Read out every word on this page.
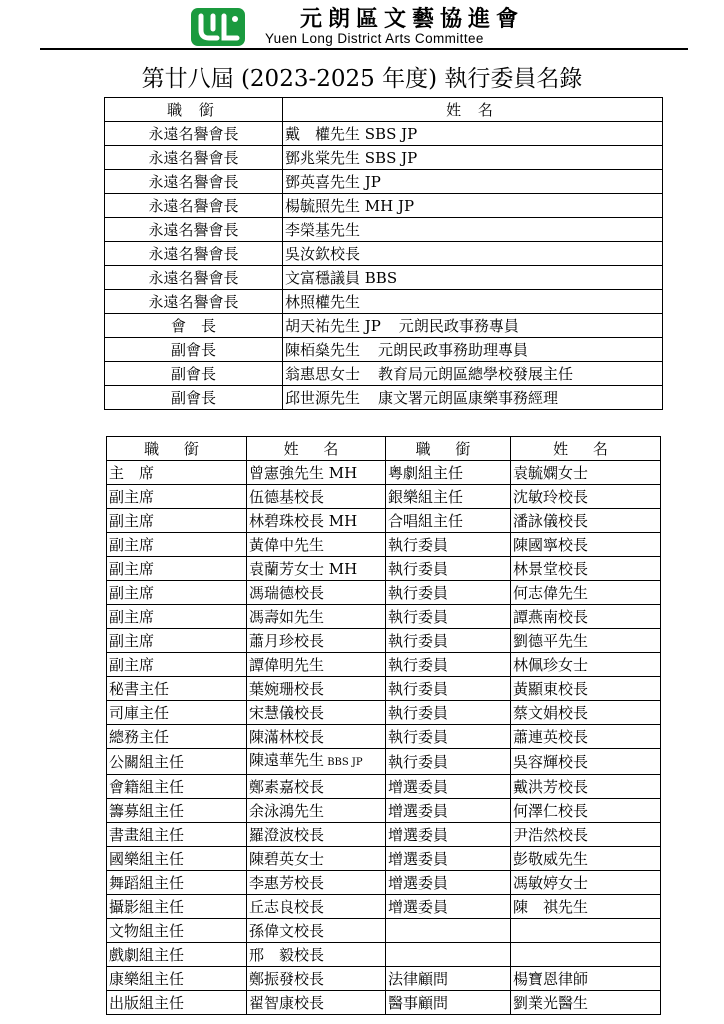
元朗區文藝協進會
Yuen Long District Arts Committee
第廿八屆 (2023-2025 年度) 執行委員名錄
職 銜	姓 名
永遠名譽會長	戴　權先生 SBS JP
永遠名譽會長	鄧兆棠先生 SBS JP
永遠名譽會長	鄧英喜先生 JP
永遠名譽會長	楊毓照先生 MH JP
永遠名譽會長	李榮基先生
永遠名譽會長	吳汝欽校長
永遠名譽會長	文富穩議員 BBS
永遠名譽會長	林照權先生
會　長	胡天祐先生 JP 元朗民政事務專員
副會長	陳栢燊先生 元朗民政事務助理專員
副會長	翁惠思女士 教育局元朗區總學校發展主任
副會長	邱世源先生 康文署元朗區康樂事務經理
職 銜	姓 名	職 銜	姓 名
主　席	曾憲強先生 MH	粵劇組主任	袁毓嫻女士
副主席	伍德基校長	銀樂組主任	沈敏玲校長
副主席	林碧珠校長 MH	合唱組主任	潘詠儀校長
副主席	黃偉中先生	執行委員	陳國寧校長
副主席	袁蘭芳女士 MH	執行委員	林景堂校長
副主席	馮瑞德校長	執行委員	何志偉先生
副主席	馮壽如先生	執行委員	譚燕南校長
副主席	蕭月珍校長	執行委員	劉德平先生
副主席	譚偉明先生	執行委員	林佩珍女士
秘書主任	葉婉珊校長	執行委員	黃顯東校長
司庫主任	宋慧儀校長	執行委員	蔡文娟校長
總務主任	陳滿林校長	執行委員	蕭連英校長
公關組主任	陳遠華先生 BBS JP	執行委員	吳容輝校長
會籍組主任	鄭素嘉校長	增選委員	戴洪芳校長
籌募組主任	余泳鴻先生	增選委員	何澤仁校長
書畫組主任	羅澄波校長	增選委員	尹浩然校長
國樂組主任	陳碧英女士	增選委員	彭敬威先生
舞蹈組主任	李惠芳校長	增選委員	馮敏婷女士
攝影組主任	丘志良校長	增選委員	陳　祺先生
文物組主任	孫偉文校長		
戲劇組主任	邢　毅校長		
康樂組主任	鄭振發校長	法律顧問	楊寶恩律師
出版組主任	翟智康校長	醫事顧問	劉業光醫生
